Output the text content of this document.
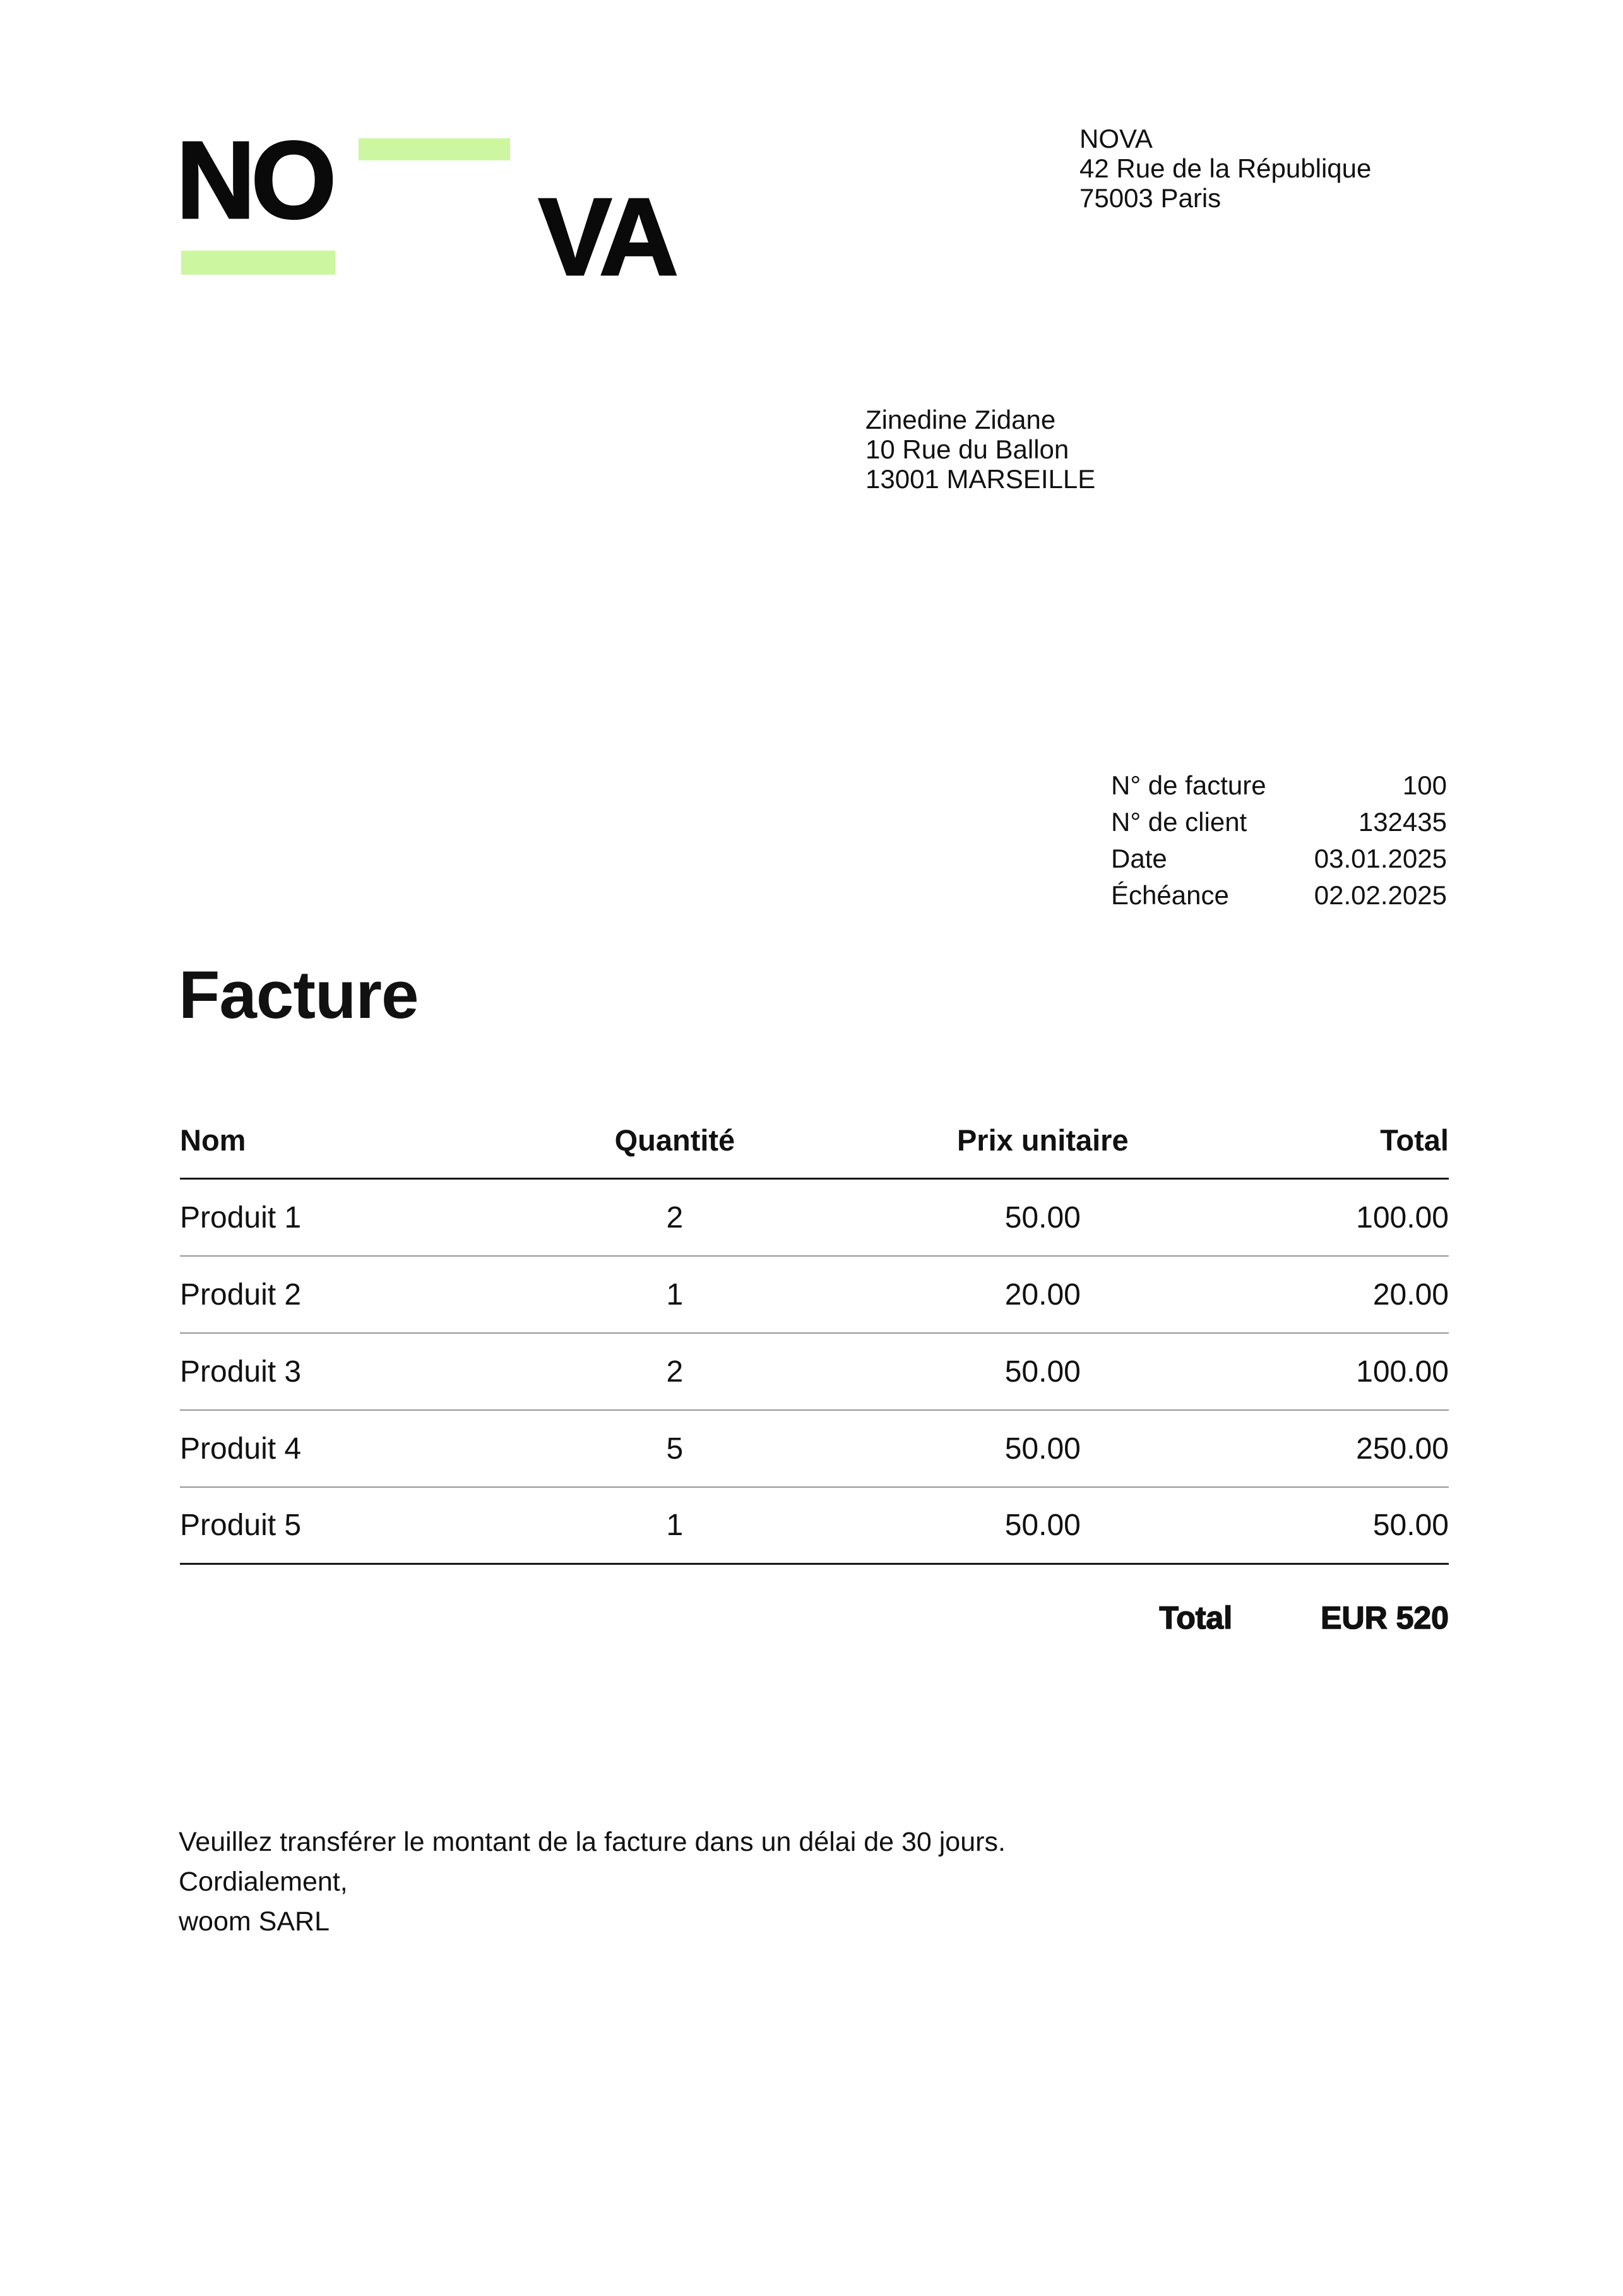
NO VA
NOVA
42 Rue de la République
75003 Paris
Zinedine Zidane
10 Rue du Ballon
13001 MARSEILLE
N° de facture	100
N° de client	132435
Date	03.01.2025
Échéance	02.02.2025
Facture
Nom	Quantité	Prix unitaire	Total
Produit 1	2	50.00	100.00
Produit 2	1	20.00	20.00
Produit 3	2	50.00	100.00
Produit 4	5	50.00	250.00
Produit 5	1	50.00	50.00
Total	EUR 520

Veuillez transférer le montant de la facture dans un délai de 30 jours.

Cordialement,

woom SARL
